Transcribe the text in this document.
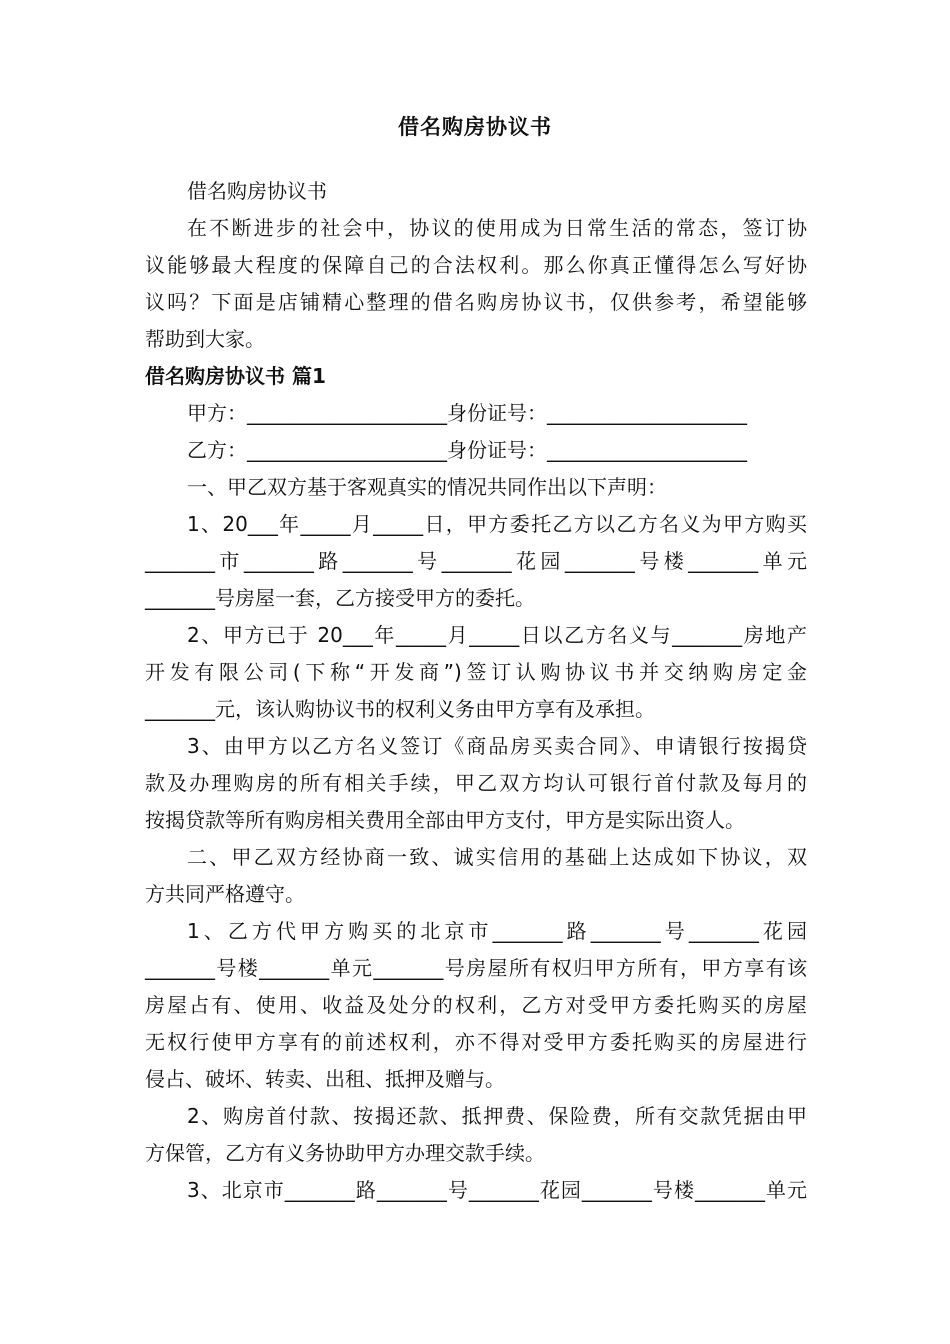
借名购房协议书
借名购房协议书
在不断进步的社会中，协议的使用成为日常生活的常态，签订协
议能够最大程度的保障自己的合法权利。那么你真正懂得怎么写好协
议吗？下面是店铺精心整理的借名购房协议书，仅供参考，希望能够
帮助到大家。
借名购房协议书 篇1
甲方：____________________身份证号：____________________
乙方：____________________身份证号：____________________
一、甲乙双方基于客观真实的情况共同作出以下声明：
1、20___年_____月_____日，甲方委托乙方以乙方名义为甲方购买
_______市_______路_______号_______花园_______号楼_______单元
_______号房屋一套，乙方接受甲方的委托。
2、甲方已于 20___年_____月_____日以乙方名义与_______房地产
开发有限公司(下称“开发商”)签订认购协议书并交纳购房定金
_______元，该认购协议书的权利义务由甲方享有及承担。
3、由甲方以乙方名义签订《商品房买卖合同》、申请银行按揭贷
款及办理购房的所有相关手续，甲乙双方均认可银行首付款及每月的
按揭贷款等所有购房相关费用全部由甲方支付，甲方是实际出资人。
二、甲乙双方经协商一致、诚实信用的基础上达成如下协议，双
方共同严格遵守。
1、乙方代甲方购买的北京市_______路_______号_______花园
_______号楼_______单元_______号房屋所有权归甲方所有，甲方享有该
房屋占有、使用、收益及处分的权利，乙方对受甲方委托购买的房屋
无权行使甲方享有的前述权利，亦不得对受甲方委托购买的房屋进行
侵占、破坏、转卖、出租、抵押及赠与。
2、购房首付款、按揭还款、抵押费、保险费，所有交款凭据由甲
方保管，乙方有义务协助甲方办理交款手续。
3、北京市_______路_______号_______花园_______号楼_______单元
